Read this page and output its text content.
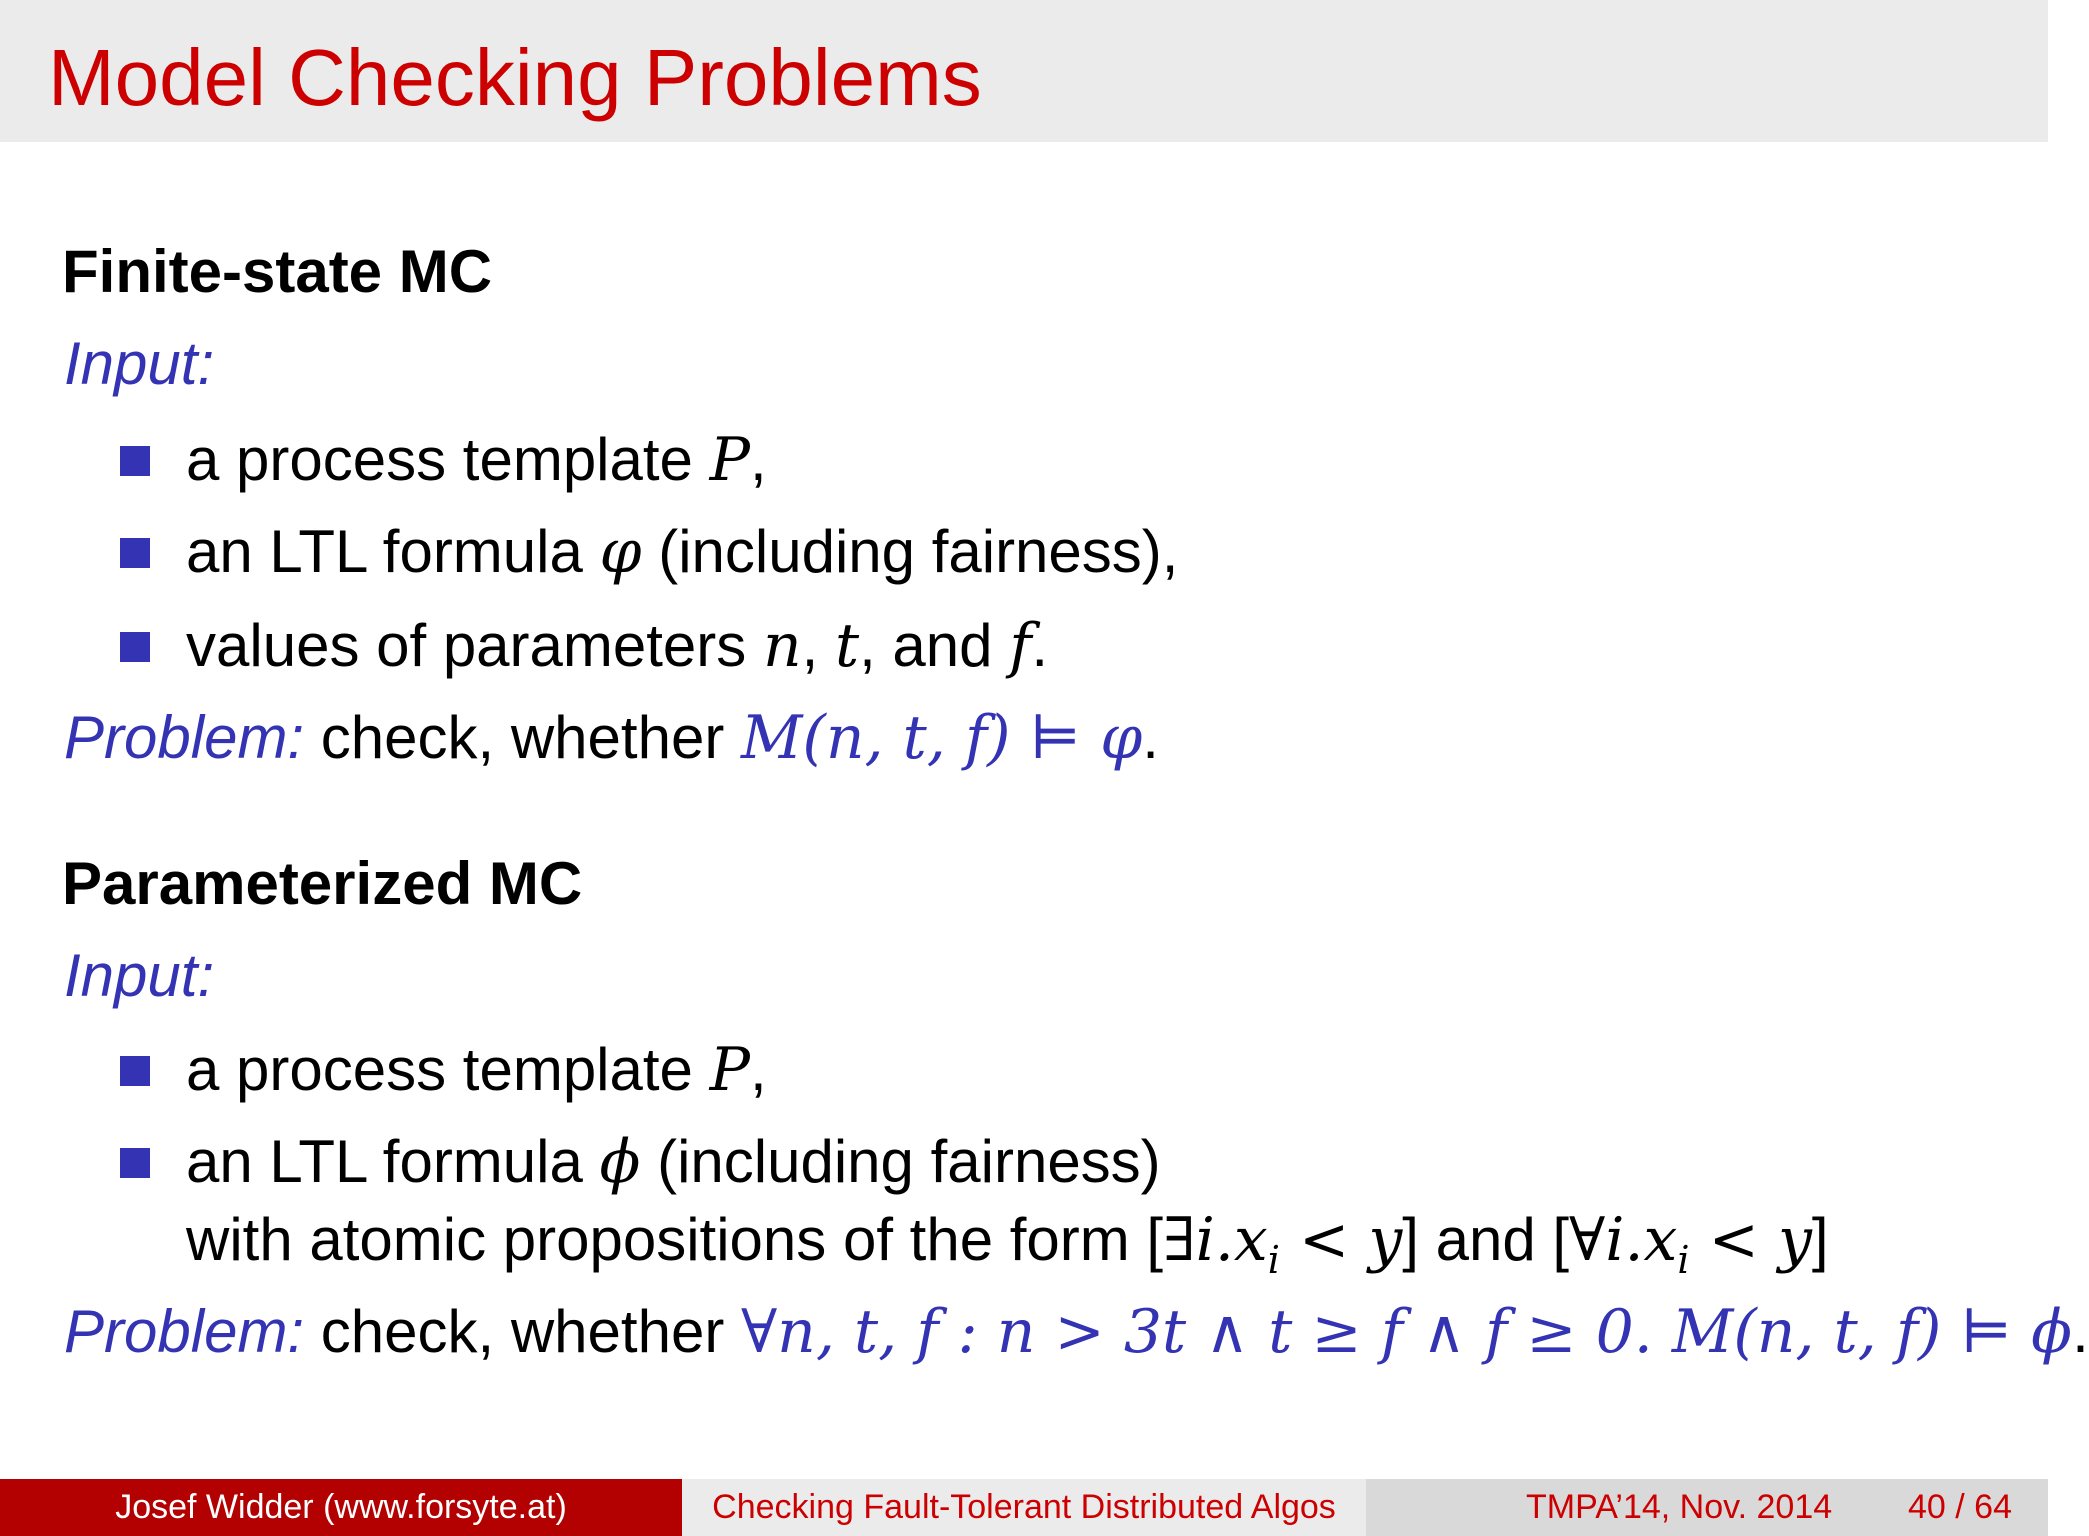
Model Checking Problems
Finite-state MC
Input:
a process template P,
an LTL formula φ (including fairness),
values of parameters n, t, and f.
Problem: check, whether M(n, t, f) ⊨ φ.
Parameterized MC
Input:
a process template P,
an LTL formula ϕ (including fairness)
with atomic propositions of the form $[\exists i.x_i < y]$ and $[\forall i.x_i < y]$
Problem: check, whether ∀n, t, f : n > 3t ∧ t ≥ f ∧ f ≥ 0. M(n, t, f) ⊨ ϕ.
Josef Widder (www.forsyte.at)	Checking Fault-Tolerant Distributed Algos	TMPA’14, Nov. 2014 40 / 64
